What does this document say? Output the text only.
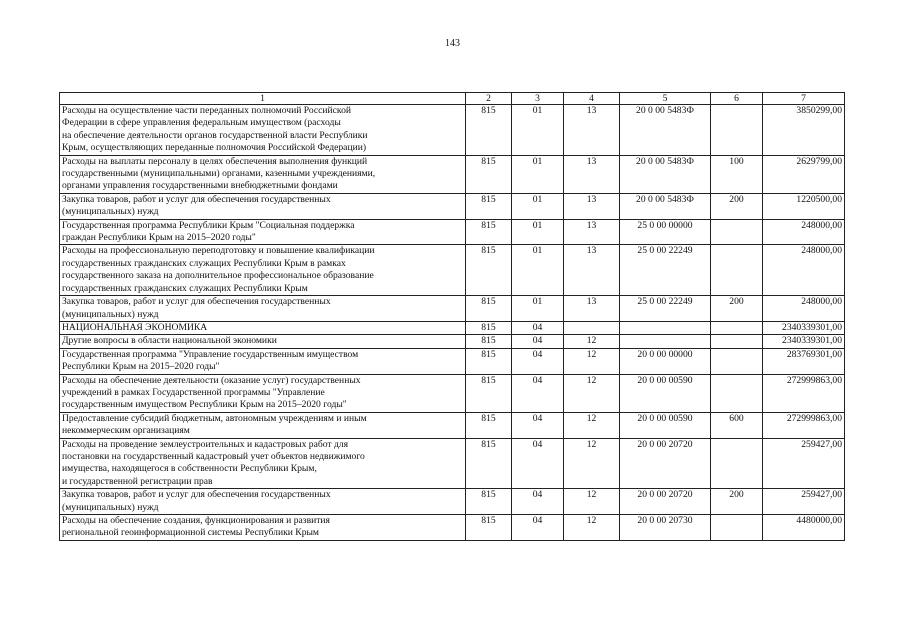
143
1	2	3	4	5	6	7
Расходы на осуществление части переданных полномочий Российской
Федерации в сфере управления федеральным имуществом (расходы
на обеспечение деятельности органов государственной власти Республики
Крым, осуществляющих переданные полномочия Российской Федерации)	815	01	13	20 0 00 5483Ф		3850299,00
Расходы на выплаты персоналу в целях обеспечения выполнения функций
государственными (муниципальными) органами, казенными учреждениями,
органами управления государственными внебюджетными фондами	815	01	13	20 0 00 5483Ф	100	2629799,00
Закупка товаров, работ и услуг для обеспечения государственных
(муниципальных) нужд	815	01	13	20 0 00 5483Ф	200	1220500,00
Государственная программа Республики Крым "Социальная поддержка
граждан Республики Крым на 2015–2020 годы"	815	01	13	25 0 00 00000		248000,00
Расходы на профессиональную переподготовку и повышение квалификации
государственных гражданских служащих Республики Крым в рамках
государственного заказа на дополнительное профессиональное образование
государственных гражданских служащих Республики Крым	815	01	13	25 0 00 22249		248000,00
Закупка товаров, работ и услуг для обеспечения государственных
(муниципальных) нужд	815	01	13	25 0 00 22249	200	248000,00
НАЦИОНАЛЬНАЯ ЭКОНОМИКА	815	04				2340339301,00
Другие вопросы в области национальной экономики	815	04	12			2340339301,00
Государственная программа "Управление государственным имуществом
Республики Крым на 2015–2020 годы"	815	04	12	20 0 00 00000		283769301,00
Расходы на обеспечение деятельности (оказание услуг) государственных
учреждений в рамках Государственной программы "Управление
государственным имуществом Республики Крым на 2015–2020 годы"	815	04	12	20 0 00 00590		272999863,00
Предоставление субсидий бюджетным, автономным учреждениям и иным
некоммерческим организациям	815	04	12	20 0 00 00590	600	272999863,00
Расходы на проведение землеустроительных и кадастровых работ для
постановки на государственный кадастровый учет объектов недвижимого
имущества, находящегося в собственности Республики Крым,
и государственной регистрации прав	815	04	12	20 0 00 20720		259427,00
Закупка товаров, работ и услуг для обеспечения государственных
(муниципальных) нужд	815	04	12	20 0 00 20720	200	259427,00
Расходы на обеспечение создания, функционирования и развития
региональной геоинформационной системы Республики Крым	815	04	12	20 0 00 20730		4480000,00
